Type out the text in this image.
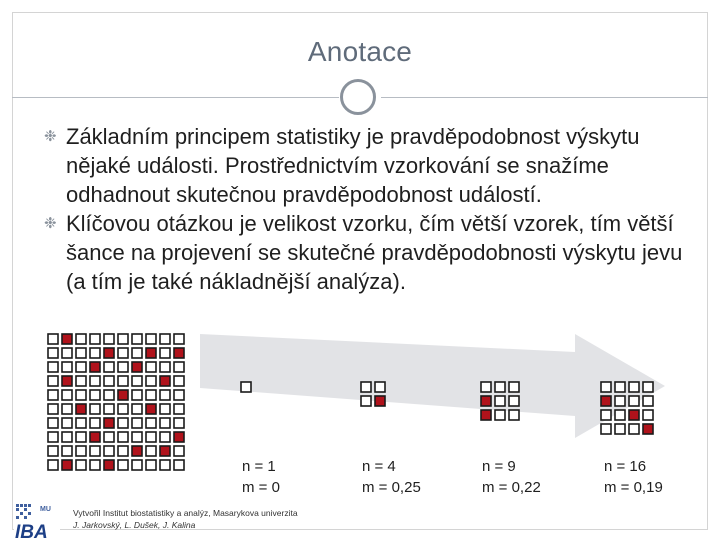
Anotace
❉ Základním principem statistiky je pravděpodobnost výskytu nějaké události. Prostřednictvím vzorkování se snažíme odhadnout skutečnou pravděpodobnost událostí.
❉ Klíčovou otázkou je velikost vzorku, čím větší vzorek, tím větší šance na projevení se skutečné pravděpodobnosti výskytu jevu (a tím je také nákladnější analýza).
n = 1
m = 0
n = 4
m = 0,25
n = 9
m = 0,22
n = 16
m = 0,19
MU
IBA
Vytvořil Institut biostatistiky a analýz, Masarykova univerzita
J. Jarkovský, L. Dušek, J. Kalina
